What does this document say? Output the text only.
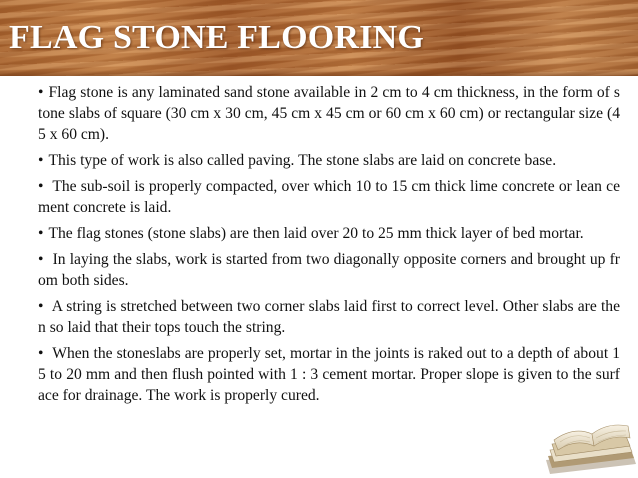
FLAG STONE FLOORING
• Flag stone is any laminated sand stone available in 2 cm to 4 cm thickness, in the form of stone slabs of square (30 cm x 30 cm, 45 cm x 45 cm or 60 cm x 60 cm) or rectangular size (45 x 60 cm).
• This type of work is also called paving. The stone slabs are laid on concrete base.
• The sub-soil is properly compacted, over which 10 to 15 cm thick lime concrete or lean cement concrete is laid.
• The flag stones (stone slabs) are then laid over 20 to 25 mm thick layer of bed mortar.
• In laying the slabs, work is started from two diagonally opposite corners and brought up from both sides.
• A string is stretched between two corner slabs laid first to correct level. Other slabs are then so laid that their tops touch the string.
• When the stoneslabs are properly set, mortar in the joints is raked out to a depth of about 15 to 20 mm and then flush pointed with 1 : 3 cement mortar. Proper slope is given to the surface for drainage. The work is properly cured.
